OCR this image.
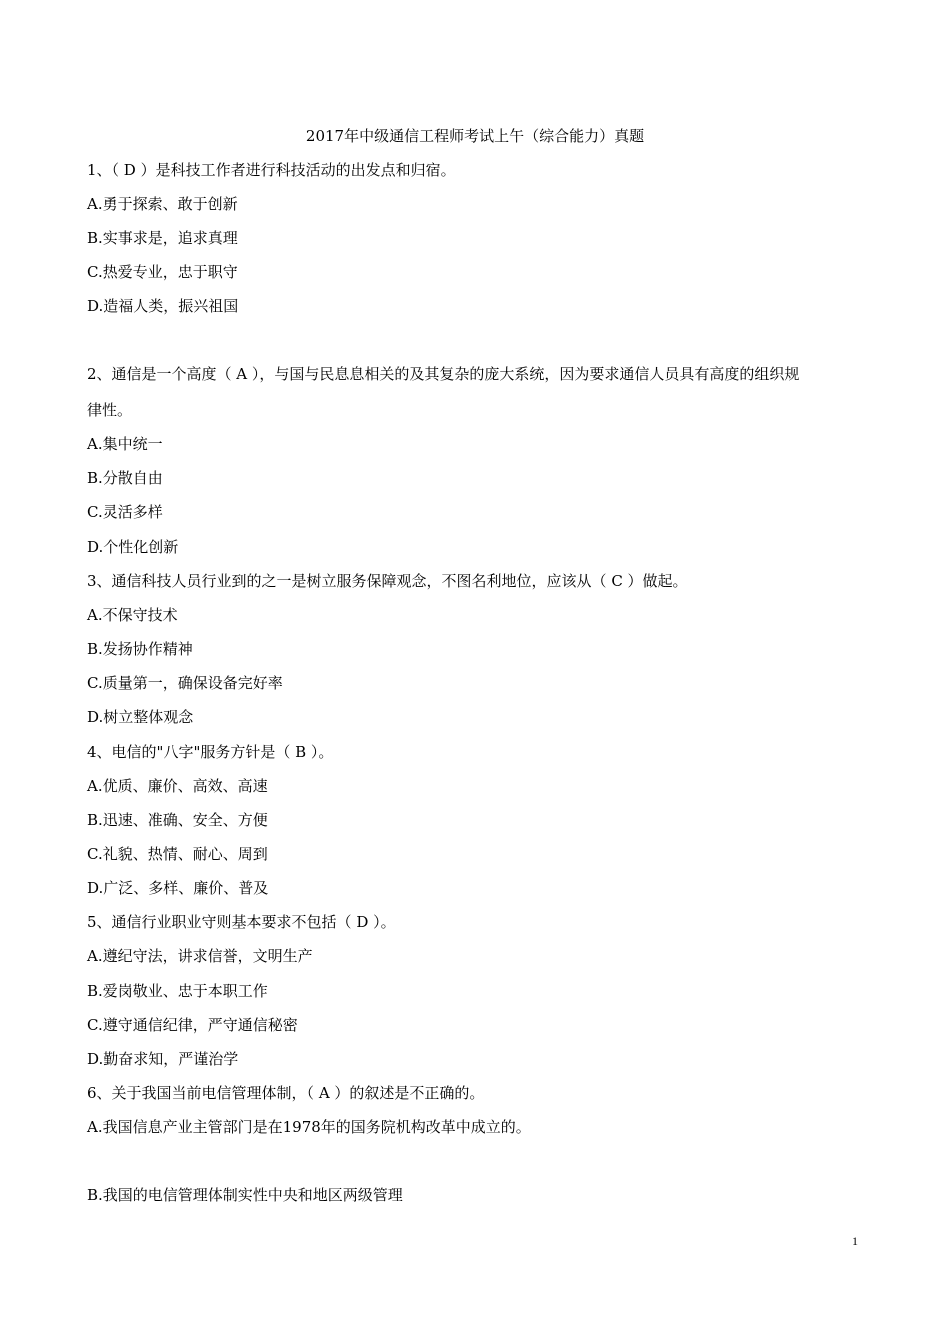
2017年中级通信工程师考试上午（综合能力）真题
1、（ D ）是科技工作者进行科技活动的出发点和归宿。
A.勇于探索、敢于创新
B.实事求是，追求真理
C.热爱专业，忠于职守
D.造福人类，振兴祖国
2、通信是一个高度（ A ），与国与民息息相关的及其复杂的庞大系统，因为要求通信人员具有高度的组织规
律性。
A.集中统一
B.分散自由
C.灵活多样
D.个性化创新
3、通信科技人员行业到的之一是树立服务保障观念，不图名利地位，应该从（ C ）做起。
A.不保守技术
B.发扬协作精神
C.质量第一，确保设备完好率
D.树立整体观念
4、电信的"八字"服务方针是（ B ）。
A.优质、廉价、高效、高速
B.迅速、准确、安全、方便
C.礼貌、热情、耐心、周到
D.广泛、多样、廉价、普及
5、通信行业职业守则基本要求不包括（ D ）。
A.遵纪守法，讲求信誉，文明生产
B.爱岗敬业、忠于本职工作
C.遵守通信纪律，严守通信秘密
D.勤奋求知，严谨治学
6、关于我国当前电信管理体制，（ A ）的叙述是不正确的。
A.我国信息产业主管部门是在1978年的国务院机构改革中成立的。
B.我国的电信管理体制实性中央和地区两级管理
1
